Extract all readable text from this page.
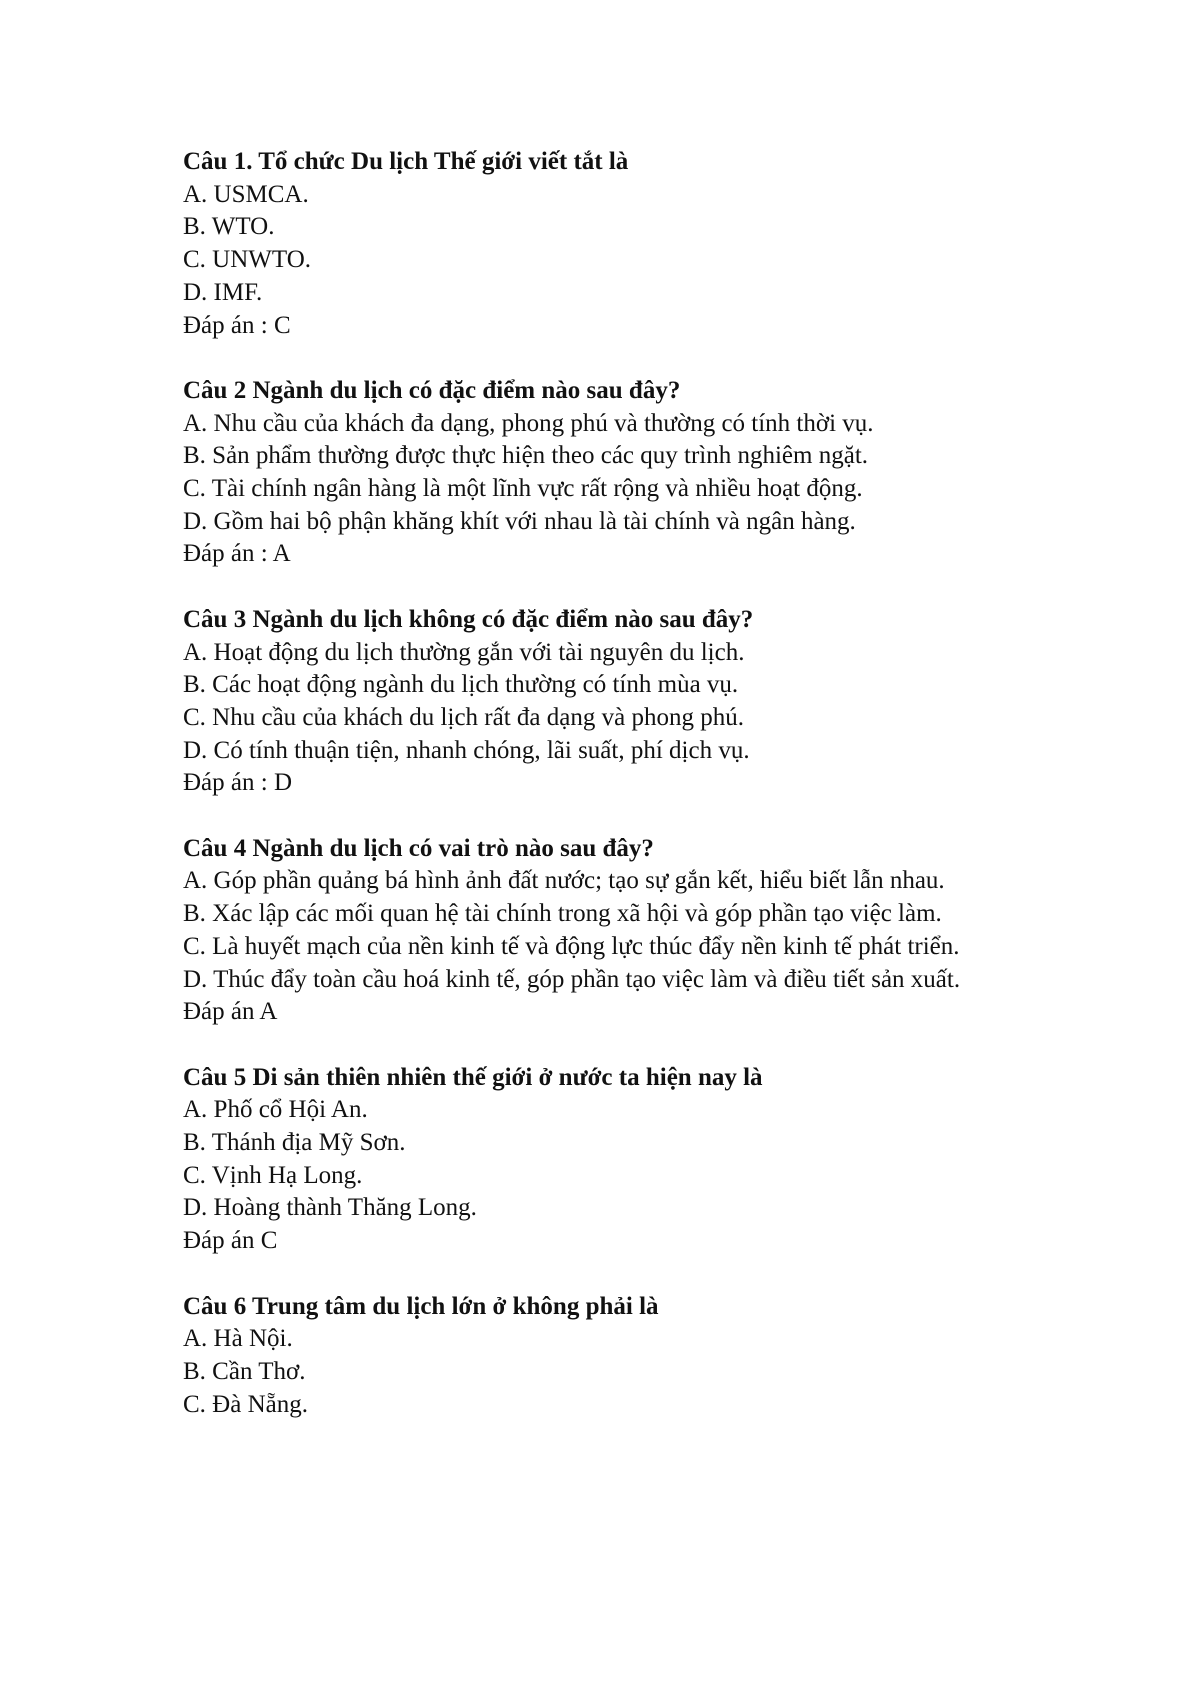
Câu 1. Tổ chức Du lịch Thế giới viết tắt là

A. USMCA.

B. WTO.

C. UNWTO.

D. IMF.

Đáp án : C

Câu 2 Ngành du lịch có đặc điểm nào sau đây?

A. Nhu cầu của khách đa dạng, phong phú và thường có tính thời vụ.

B. Sản phẩm thường được thực hiện theo các quy trình nghiêm ngặt.

C. Tài chính ngân hàng là một lĩnh vực rất rộng và nhiều hoạt động.

D. Gồm hai bộ phận khăng khít với nhau là tài chính và ngân hàng.

Đáp án : A

Câu 3 Ngành du lịch không có đặc điểm nào sau đây?

A. Hoạt động du lịch thường gắn với tài nguyên du lịch.

B. Các hoạt động ngành du lịch thường có tính mùa vụ.

C. Nhu cầu của khách du lịch rất đa dạng và phong phú.

D. Có tính thuận tiện, nhanh chóng, lãi suất, phí dịch vụ.

Đáp án : D

Câu 4 Ngành du lịch có vai trò nào sau đây?

A. Góp phần quảng bá hình ảnh đất nước; tạo sự gắn kết, hiểu biết lẫn nhau.

B. Xác lập các mối quan hệ tài chính trong xã hội và góp phần tạo việc làm.

C. Là huyết mạch của nền kinh tế và động lực thúc đẩy nền kinh tế phát triển.

D. Thúc đẩy toàn cầu hoá kinh tế, góp phần tạo việc làm và điều tiết sản xuất.

Đáp án A

Câu 5 Di sản thiên nhiên thế giới ở nước ta hiện nay là

A. Phố cổ Hội An.

B. Thánh địa Mỹ Sơn.

C. Vịnh Hạ Long.

D. Hoàng thành Thăng Long.

Đáp án C

Câu 6 Trung tâm du lịch lớn ở không phải là

A. Hà Nội.

B. Cần Thơ.

C. Đà Nẵng.
